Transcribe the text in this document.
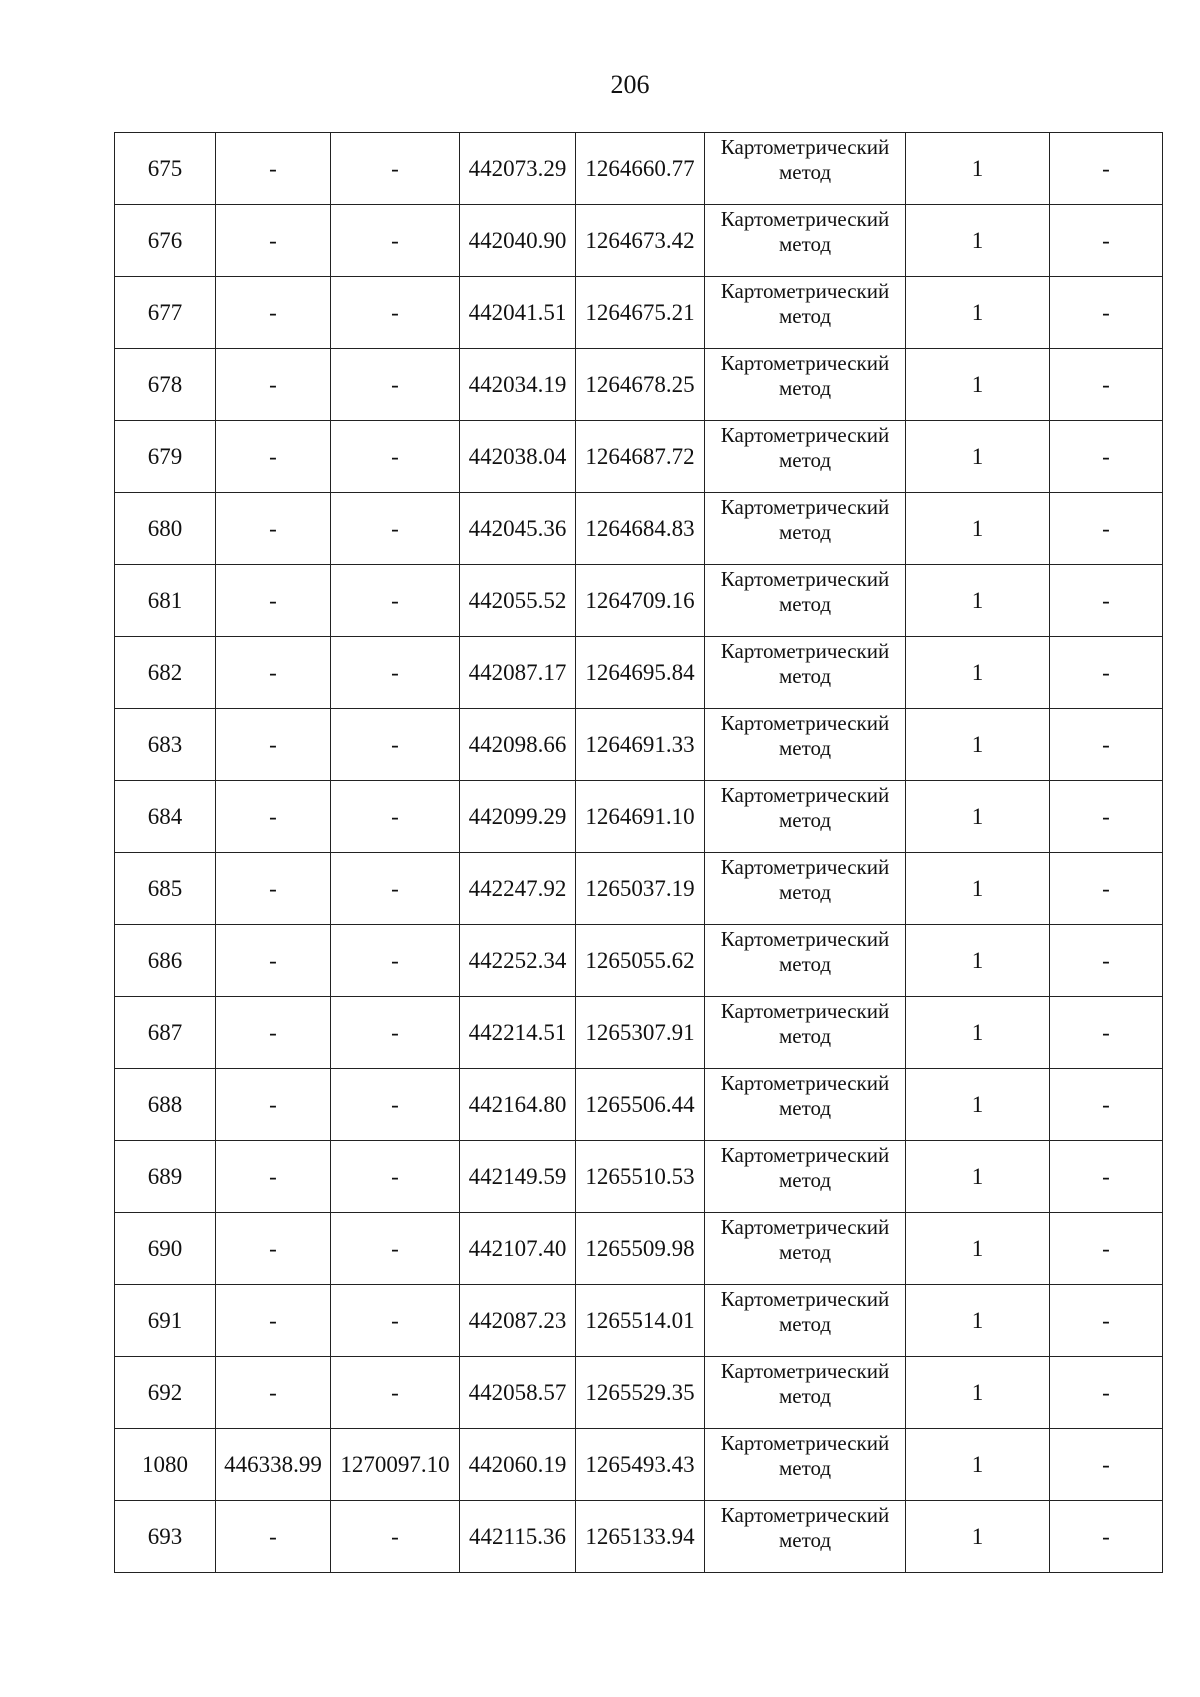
206
675	-	-	442073.29	1264660.77	Картометрический
метод	1	-
676	-	-	442040.90	1264673.42	Картометрический
метод	1	-
677	-	-	442041.51	1264675.21	Картометрический
метод	1	-
678	-	-	442034.19	1264678.25	Картометрический
метод	1	-
679	-	-	442038.04	1264687.72	Картометрический
метод	1	-
680	-	-	442045.36	1264684.83	Картометрический
метод	1	-
681	-	-	442055.52	1264709.16	Картометрический
метод	1	-
682	-	-	442087.17	1264695.84	Картометрический
метод	1	-
683	-	-	442098.66	1264691.33	Картометрический
метод	1	-
684	-	-	442099.29	1264691.10	Картометрический
метод	1	-
685	-	-	442247.92	1265037.19	Картометрический
метод	1	-
686	-	-	442252.34	1265055.62	Картометрический
метод	1	-
687	-	-	442214.51	1265307.91	Картометрический
метод	1	-
688	-	-	442164.80	1265506.44	Картометрический
метод	1	-
689	-	-	442149.59	1265510.53	Картометрический
метод	1	-
690	-	-	442107.40	1265509.98	Картометрический
метод	1	-
691	-	-	442087.23	1265514.01	Картометрический
метод	1	-
692	-	-	442058.57	1265529.35	Картометрический
метод	1	-
1080	446338.99	1270097.10	442060.19	1265493.43	Картометрический
метод	1	-
693	-	-	442115.36	1265133.94	Картометрический
метод	1	-
